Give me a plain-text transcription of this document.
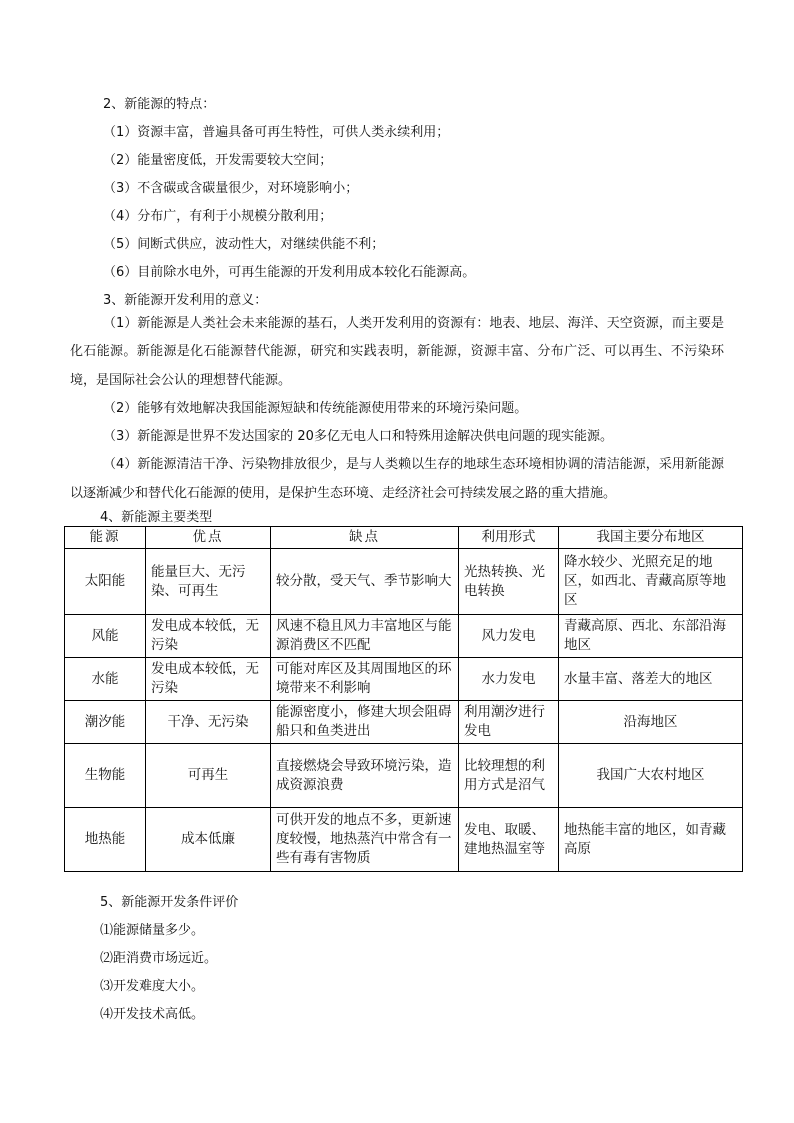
2、新能源的特点：
（1）资源丰富，普遍具备可再生特性，可供人类永续利用；
（2）能量密度低，开发需要较大空间；
（3）不含碳或含碳量很少，对环境影响小；
（4）分布广，有利于小规模分散利用；
（5）间断式供应，波动性大，对继续供能不利；
（6）目前除水电外，可再生能源的开发利用成本较化石能源高。
3、新能源开发利用的意义：
（1）新能源是人类社会未来能源的基石，人类开发利用的资源有：地表、地层、海洋、天空资源，而主要是化石能源。新能源是化石能源替代能源，研究和实践表明，新能源，资源丰富、分布广泛、可以再生、不污染环境，是国际社会公认的理想替代能源。
（2）能够有效地解决我国能源短缺和传统能源使用带来的环境污染问题。
（3）新能源是世界不发达国家的 20多亿无电人口和特殊用途解决供电问题的现实能源。
（4）新能源清洁干净、污染物排放很少，是与人类赖以生存的地球生态环境相协调的清洁能源，采用新能源以逐渐减少和替代化石能源的使用，是保护生态环境、走经济社会可持续发展之路的重大措施。
4、新能源主要类型
能源	优点	缺点	利用形式	我国主要分布地区
太阳能	能量巨大、无污染、可再生	较分散，受天气、季节影响大	光热转换、光电转换	降水较少、光照充足的地区，如西北、青藏高原等地区
风能	发电成本较低，无污染	风速不稳且风力丰富地区与能源消费区不匹配	风力发电	青藏高原、西北、东部沿海地区
水能	发电成本较低，无污染	可能对库区及其周围地区的环境带来不利影响	水力发电	水量丰富、落差大的地区
潮汐能	干净、无污染	能源密度小，修建大坝会阻碍船只和鱼类进出	利用潮汐进行发电	沿海地区
生物能	可再生	直接燃烧会导致环境污染，造成资源浪费	比较理想的利用方式是沼气	我国广大农村地区
地热能	成本低廉	可供开发的地点不多，更新速度较慢，地热蒸汽中常含有一些有毒有害物质	发电、取暖、建地热温室等	地热能丰富的地区，如青藏高原
5、新能源开发条件评价
⑴能源储量多少。
⑵距消费市场远近。
⑶开发难度大小。
⑷开发技术高低。
